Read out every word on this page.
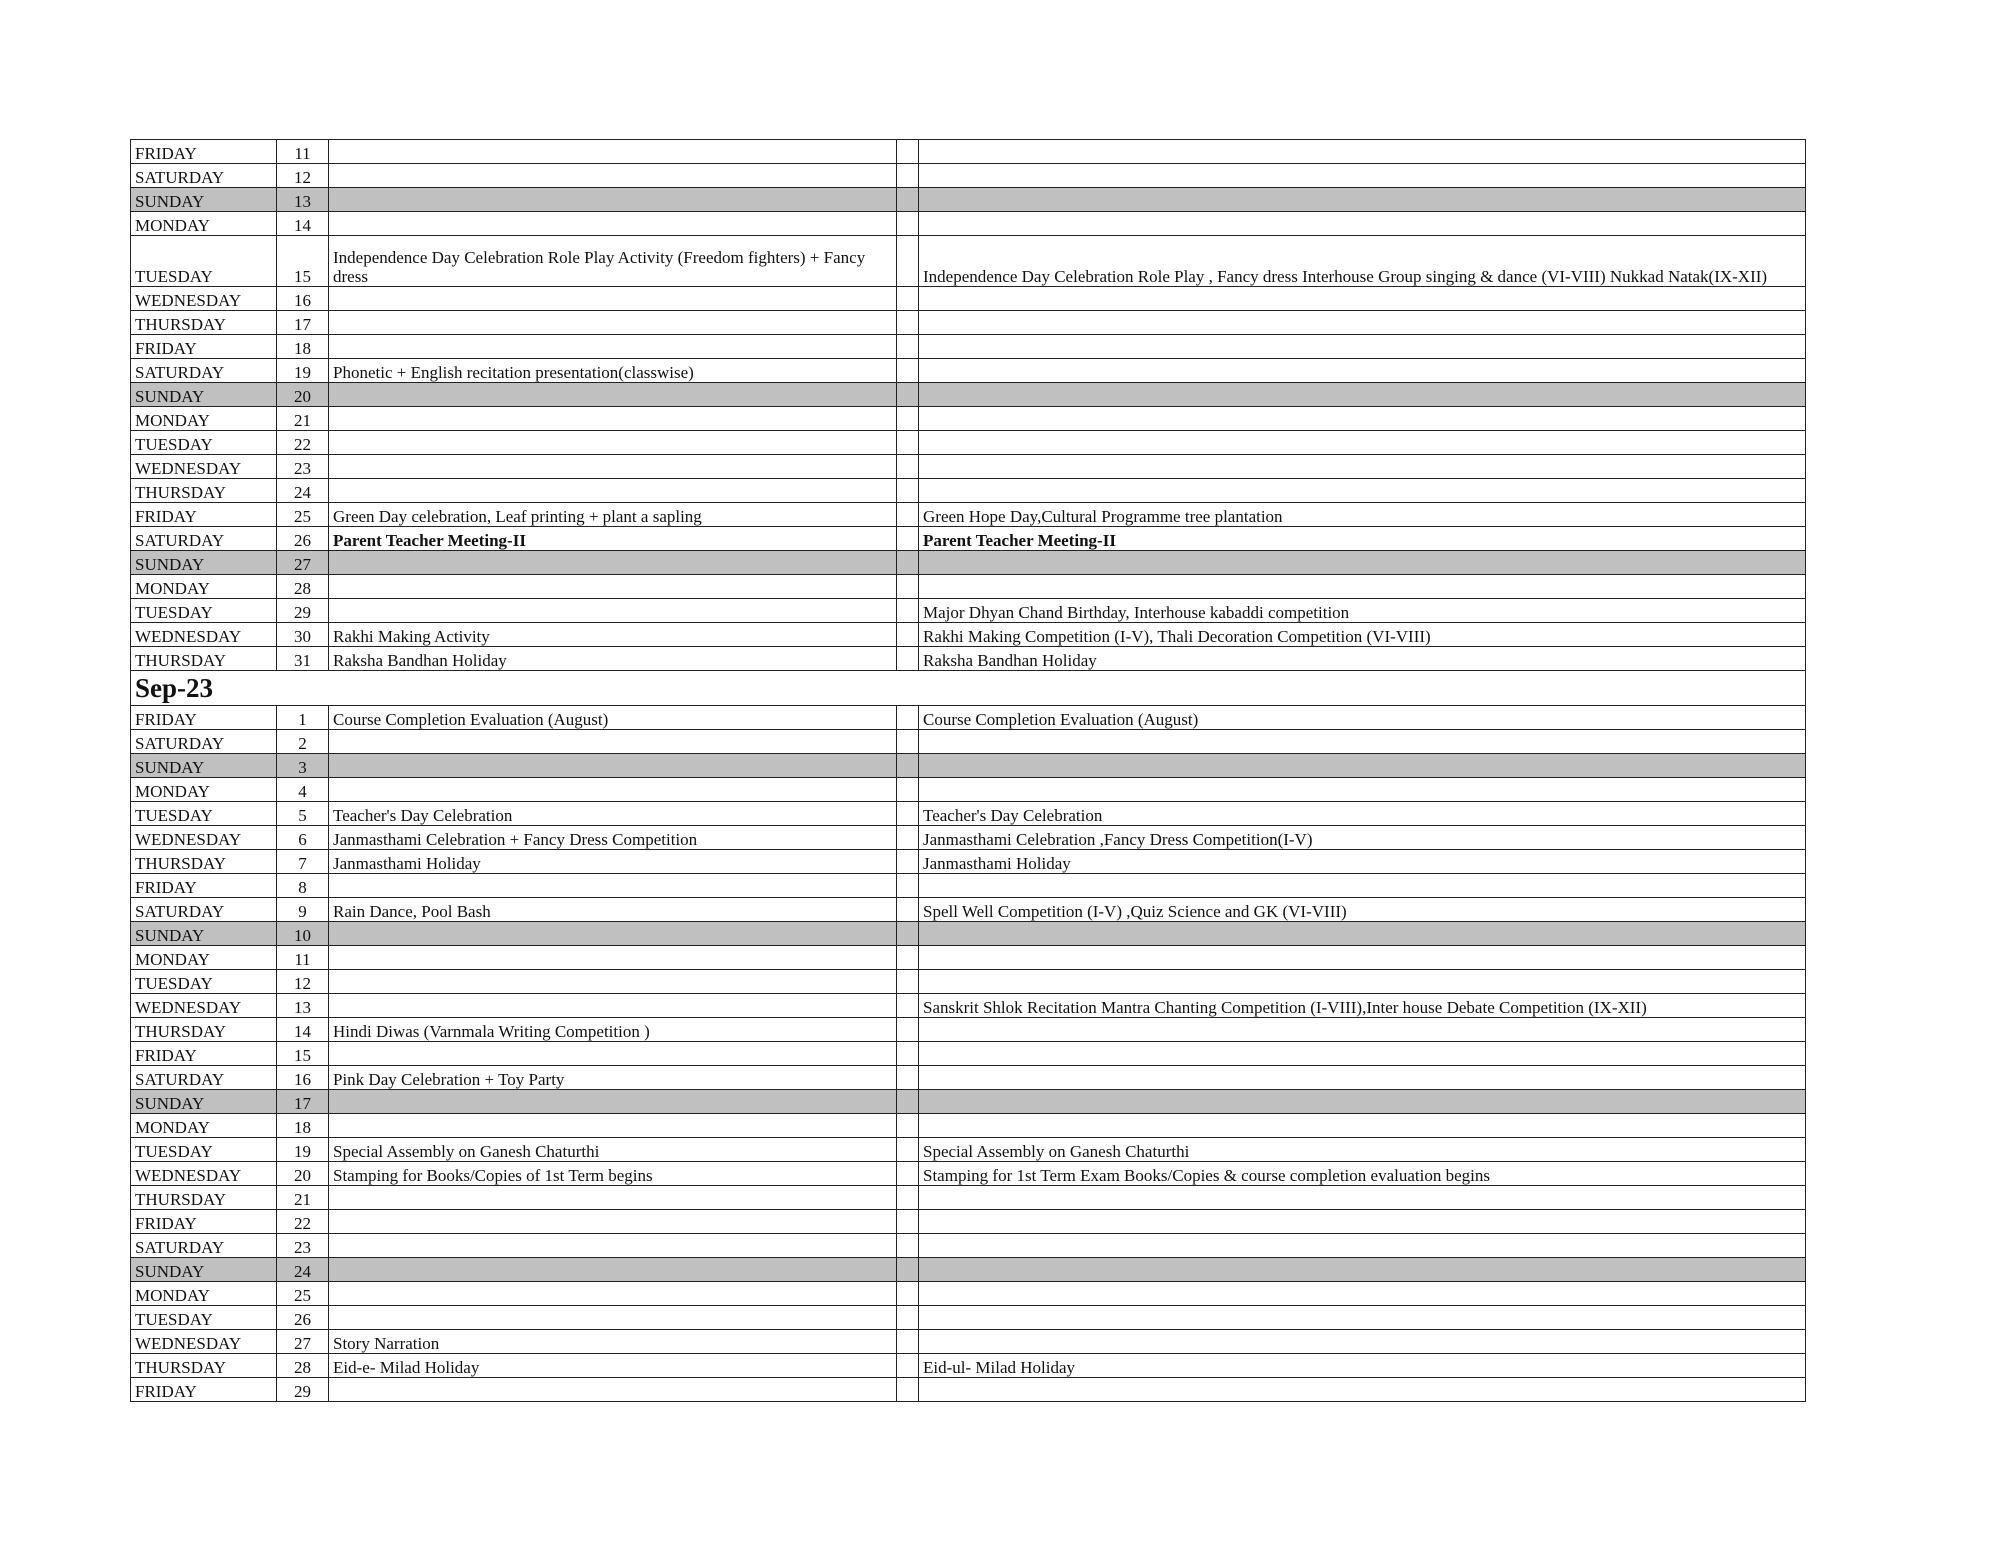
FRIDAY	11			
SATURDAY	12			
SUNDAY	13			
MONDAY	14			
TUESDAY	15	Independence Day Celebration Role Play Activity (Freedom fighters) + Fancy dress		Independence Day Celebration Role Play , Fancy dress Interhouse Group singing & dance (VI-VIII) Nukkad Natak(IX-XII)
WEDNESDAY	16			
THURSDAY	17			
FRIDAY	18			
SATURDAY	19	Phonetic + English recitation presentation(classwise)		
SUNDAY	20			
MONDAY	21			
TUESDAY	22			
WEDNESDAY	23			
THURSDAY	24			
FRIDAY	25	Green Day celebration, Leaf printing + plant a sapling		Green Hope Day,Cultural Programme tree plantation
SATURDAY	26	Parent Teacher Meeting-II		Parent Teacher Meeting-II
SUNDAY	27			
MONDAY	28			
TUESDAY	29			Major Dhyan Chand Birthday, Interhouse kabaddi competition
WEDNESDAY	30	Rakhi Making Activity		Rakhi Making Competition (I-V), Thali Decoration Competition (VI-VIII)
THURSDAY	31	Raksha Bandhan Holiday		Raksha Bandhan Holiday
Sep-23				
FRIDAY	1	Course Completion Evaluation (August)		Course Completion Evaluation (August)
SATURDAY	2			
SUNDAY	3			
MONDAY	4			
TUESDAY	5	Teacher's Day Celebration		Teacher's Day Celebration
WEDNESDAY	6	Janmasthami Celebration + Fancy Dress Competition		Janmasthami Celebration ,Fancy Dress Competition(I-V)
THURSDAY	7	Janmasthami Holiday		Janmasthami Holiday
FRIDAY	8			
SATURDAY	9	Rain Dance, Pool Bash		Spell Well Competition (I-V) ,Quiz Science and GK (VI-VIII)
SUNDAY	10			
MONDAY	11			
TUESDAY	12			
WEDNESDAY	13			Sanskrit Shlok Recitation Mantra Chanting Competition (I-VIII),Inter house Debate Competition (IX-XII)
THURSDAY	14	Hindi Diwas (Varnmala Writing Competition )		
FRIDAY	15			
SATURDAY	16	Pink Day Celebration + Toy Party		
SUNDAY	17			
MONDAY	18			
TUESDAY	19	Special Assembly on Ganesh Chaturthi		Special Assembly on Ganesh Chaturthi
WEDNESDAY	20	Stamping for Books/Copies of 1st Term begins		Stamping for 1st Term Exam Books/Copies & course completion evaluation begins
THURSDAY	21			
FRIDAY	22			
SATURDAY	23			
SUNDAY	24			
MONDAY	25			
TUESDAY	26			
WEDNESDAY	27	Story Narration		
THURSDAY	28	Eid-e- Milad Holiday		Eid-ul- Milad Holiday
FRIDAY	29			
